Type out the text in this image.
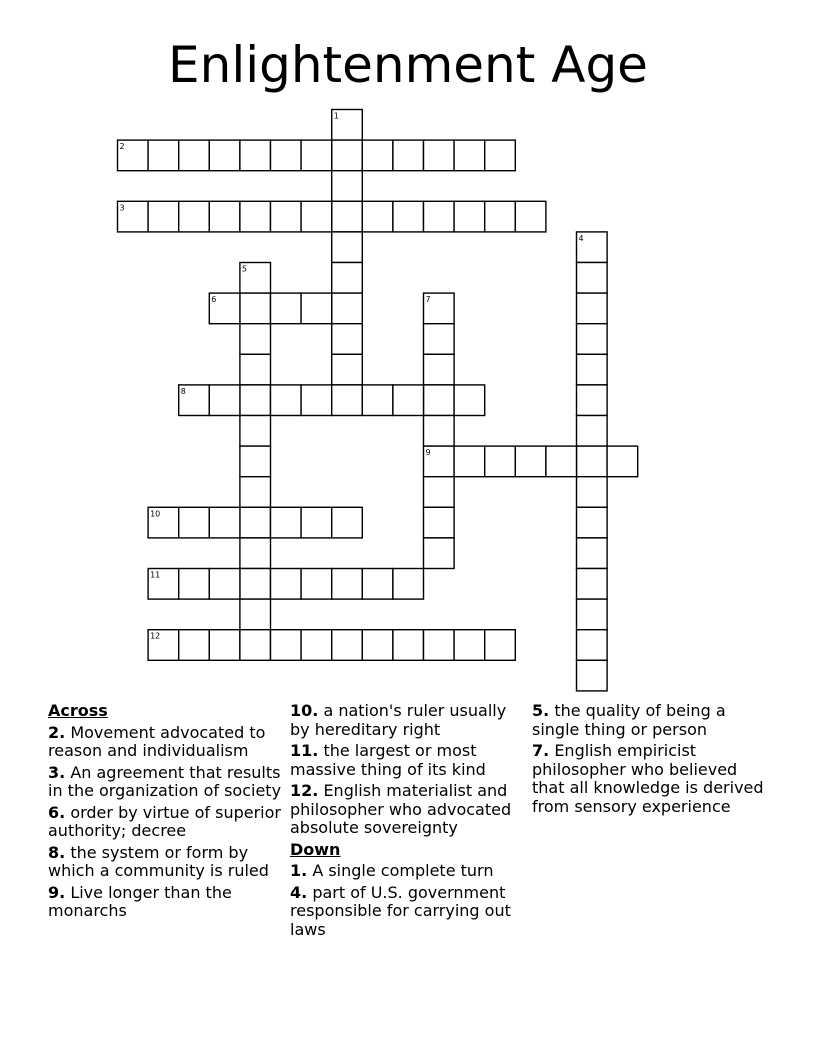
Enlightenment Age
1
2
3
4
5
6	7
8
9
10
11
12
Across
2. Movement advocated to reason and individualism
3. An agreement that results in the organization of society
6. order by virtue of superior authority; decree
8. the system or form by which a community is ruled
9. Live longer than the monarchs
10. a nation's ruler usually by hereditary right
11. the largest or most massive thing of its kind
12. English materialist and philosopher who advocated absolute sovereignty
Down
1. A single complete turn
4. part of U.S. government responsible for carrying out laws
5. the quality of being a single thing or person
7. English empiricist philosopher who believed that all knowledge is derived from sensory experience
